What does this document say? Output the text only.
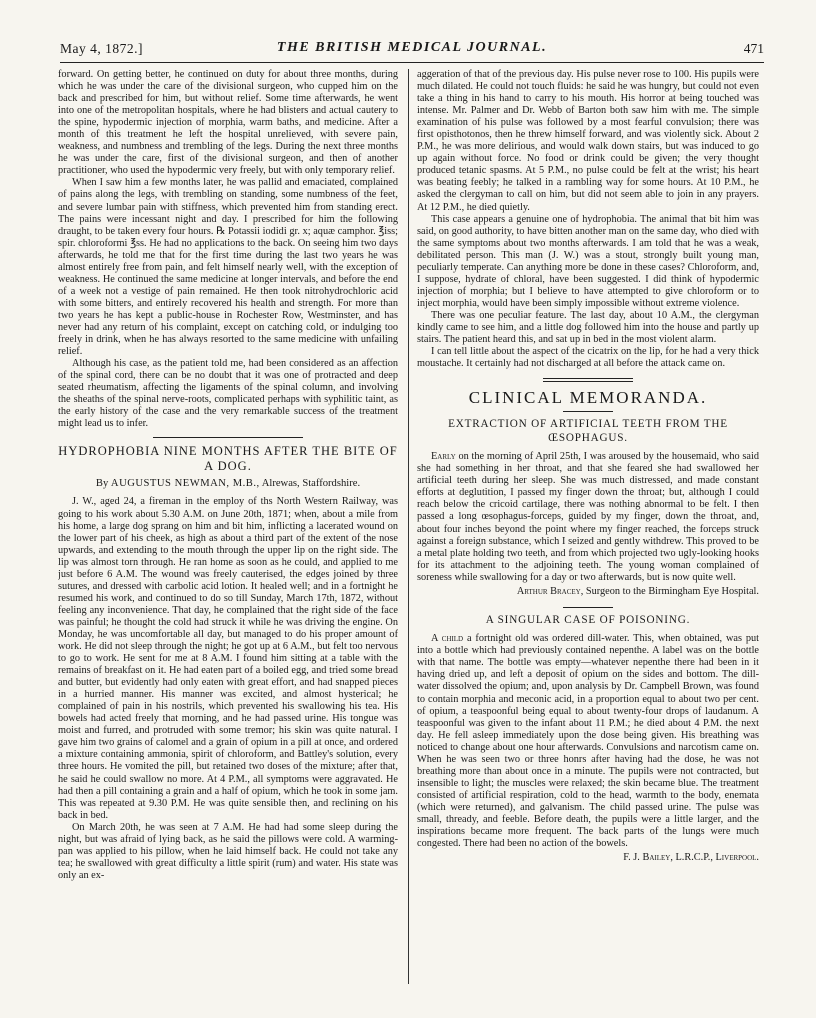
May 4, 1872.]	THE BRITISH MEDICAL JOURNAL.	471

forward. On getting better, he continued on duty for about three months, during which he was under the care of the divisional surgeon, who cupped him on the back and prescribed for him, but without relief. Some time afterwards, he went into one of the metropolitan hospitals, where he had blisters and actual cautery to the spine, hypodermic injection of morphia, warm baths, and medicine. After a month of this treatment he left the hospital unrelieved, with severe pain, weakness, and numbness and trembling of the legs. During the next three months he was under the care, first of the divisional surgeon, and then of another practitioner, who used the hypodermic very freely, but with only temporary relief.

When I saw him a few months later, he was pallid and emaciated, complained of pains along the legs, with trembling on standing, some numbness of the feet, and severe lumbar pain with stiffness, which prevented him from standing erect. The pains were incessant night and day. I prescribed for him the following draught, to be taken every four hours. ℞ Potassii iodidi gr. x; aquæ camphor. ℥iss; spir. chloroformi ℥ss. He had no applications to the back. On seeing him two days afterwards, he told me that for the first time during the last two years he was almost entirely free from pain, and felt himself nearly well, with the exception of weakness. He continued the same medicine at longer intervals, and before the end of a week not a vestige of pain remained. He then took nitrohydrochloric acid with some bitters, and entirely recovered his health and strength. For more than two years he has kept a public-house in Rochester Row, Westminster, and has never had any return of his complaint, except on catching cold, or indulging too freely in drink, when he has always resorted to the same medicine with unfailing relief.

Although his case, as the patient told me, had been considered as an affection of the spinal cord, there can be no doubt that it was one of protracted and deep seated rheumatism, affecting the ligaments of the spinal column, and involving the sheaths of the spinal nerve-roots, complicated perhaps with syphilitic taint, as the early history of the case and the very remarkable success of the treatment might lead us to infer.

HYDROPHOBIA NINE MONTHS AFTER THE BITE OF A DOG.
By AUGUSTUS NEWMAN, M.B., Alrewas, Staffordshire.

J. W., aged 24, a fireman in the employ of ths North Western Railway, was going to his work about 5.30 A.M. on June 20th, 1871; when, about a mile from his home, a large dog sprang on him and bit him, inflicting a lacerated wound on the lower part of his cheek, as high as about a third part of the extent of the nose upwards, and extending to the mouth through the upper lip on the right side. The lip was almost torn through. He ran home as soon as he could, and applied to me just before 6 A.M. The wound was freely cauterised, the edges joined by three sutures, and dressed with carbolic acid lotion. It healed well; and in a fortnight he resumed his work, and continued to do so till Sunday, March 17th, 1872, without feeling any inconvenience. That day, he complained that the right side of the face was painful; he thought the cold had struck it while he was driving the engine. On Monday, he was uncomfortable all day, but managed to do his proper amount of work. He did not sleep through the night; he got up at 6 A.M., but felt too nervous to go to work. He sent for me at 8 A.M. I found him sitting at a table with the remains of breakfast on it. He had eaten part of a boiled egg, and tried some bread and butter, but evidently had only eaten with great effort, and had snapped pieces in a hurried manner. His manner was excited, and almost hysterical; he complained of pain in his nostrils, which prevented his swallowing his tea. His bowels had acted freely that morning, and he had passed urine. His tongue was moist and furred, and protruded with some tremor; his skin was quite natural. I gave him two grains of calomel and a grain of opium in a pill at once, and ordered a mixture containing ammonia, spirit of chloroform, and Battley's solution, every three hours. He vomited the pill, but retained two doses of the mixture; after that, he said he could swallow no more. At 4 P.M., all symptoms were aggravated. He had then a pill containing a grain and a half of opium, which he took in some jam. This was repeated at 9.30 P.M. He was quite sensible then, and reclining on his back in bed.

On March 20th, he was seen at 7 A.M. He had had some sleep during the night, but was afraid of lying back, as he said the pillows were cold. A warming-pan was applied to his pillow, when he laid himself back. He could not take any tea; he swallowed with great difficulty a little spirit (rum) and water. His state was only an ex-

aggeration of that of the previous day. His pulse never rose to 100. His pupils were much dilated. He could not touch fluids: he said he was hungry, but could not even take a thing in his hand to carry to his mouth. His horror at being touched was intense. Mr. Palmer and Dr. Webb of Barton both saw him with me. The simple examination of his pulse was followed by a most fearful convulsion; there was first opisthotonos, then he threw himself forward, and was violently sick. About 2 P.M., he was more delirious, and would walk down stairs, but was induced to go up again without force. No food or drink could be given; the very thought produced tetanic spasms. At 5 P.M., no pulse could be felt at the wrist; his heart was beating feebly; he talked in a rambling way for some hours. At 10 P.M., he asked the clergyman to call on him, but did not seem able to join in any prayers. At 12 P.M., he died quietly.

This case appears a genuine one of hydrophobia. The animal that bit him was said, on good authority, to have bitten another man on the same day, who died with the same symptoms about two months afterwards. I am told that he was a weak, debilitated person. This man (J. W.) was a stout, strongly built young man, peculiarly temperate. Can anything more be done in these cases? Chloroform, and, I suppose, hydrate of chloral, have been suggested. I did think of hypodermic injection of morphia; but I believe to have attempted to give chloroform or to inject morphia, would have been simply impossible without extreme violence.

There was one peculiar feature. The last day, about 10 A.M., the clergyman kindly came to see him, and a little dog followed him into the house and partly up stairs. The patient heard this, and sat up in bed in the most violent alarm.

I can tell little about the aspect of the cicatrix on the lip, for he had a very thick moustache. It certainly had not discharged at all before the attack came on.

CLINICAL MEMORANDA.
EXTRACTION OF ARTIFICIAL TEETH FROM THE ŒSOPHAGUS.

Early on the morning of April 25th, I was aroused by the housemaid, who said she had something in her throat, and that she feared she had swallowed her artificial teeth during her sleep. She was much distressed, and made constant efforts at deglutition, I passed my finger down the throat; but, although I could reach below the cricoid cartilage, there was nothing abnormal to be felt. I then passed a long œsophagus-forceps, guided by my finger, down the throat, and, about four inches beyond the point where my finger reached, the forceps struck against a foreign substance, which I seized and gently withdrew. This proved to be a metal plate holding two teeth, and from which projected two ugly-looking hooks for its attachment to the adjoining teeth. The young woman complained of soreness while swallowing for a day or two afterwards, but is now quite well.

Arthur Bracey, Surgeon to the Birmingham Eye Hospital.
A SINGULAR CASE OF POISONING.

A child a fortnight old was ordered dill-water. This, when obtained, was put into a bottle which had previously contained nepenthe. A label was on the bottle with that name. The bottle was empty—whatever nepenthe there had been in it having dried up, and left a deposit of opium on the sides and bottom. The dill-water dissolved the opium; and, upon analysis by Dr. Campbell Brown, was found to contain morphia and meconic acid, in a proportion equal to about two per cent. of opium, a teaspoonful being equal to about twenty-four drops of laudanum. A teaspoonful was given to the infant about 11 P.M.; he died about 4 P.M. the next day. He fell asleep immediately upon the dose being given. His breathing was noticed to change about one hour afterwards. Convulsions and narcotism came on. When he was seen two or three honrs after having had the dose, he was not breathing more than about once in a minute. The pupils were not contracted, but insensible to light; the muscles were relaxed; the skin became blue. The treatment consisted of artificial respiration, cold to the head, warmth to the body, enemata (which were returned), and galvanism. The child passed urine. The pulse was small, thready, and feeble. Before death, the pupils were a little larger, and the inspirations became more frequent. The back parts of the lungs were much congested. There had been no action of the bowels.

F. J. Bailey, L.R.C.P., Liverpool.
